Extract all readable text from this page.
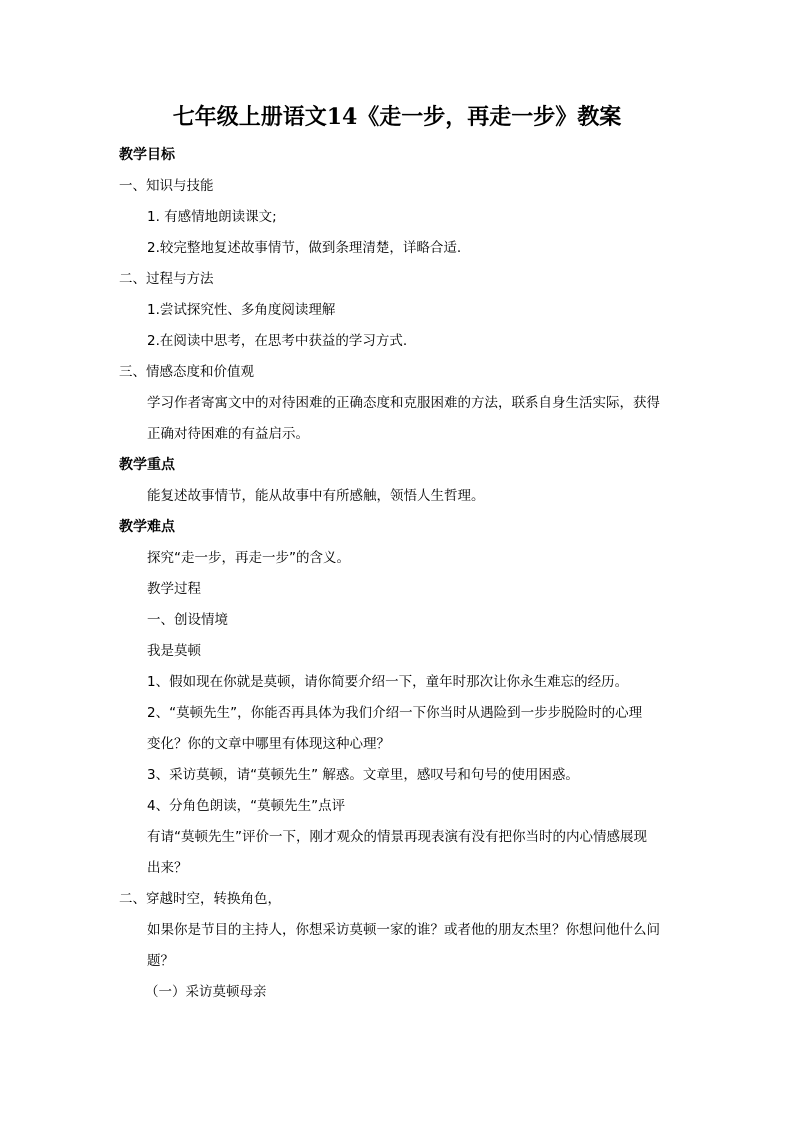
七年级上册语文14《走一步，再走一步》教案
教学目标
一、知识与技能
1. 有感情地朗读课文;
2.较完整地复述故事情节，做到条理清楚，详略合适.
二、过程与方法
1.尝试探究性、多角度阅读理解
2.在阅读中思考，在思考中获益的学习方式.
三、情感态度和价值观
学习作者寄寓文中的对待困难的正确态度和克服困难的方法，联系自身生活实际，获得
正确对待困难的有益启示。
教学重点
能复述故事情节，能从故事中有所感触，领悟人生哲理。
教学难点
探究“走一步，再走一步”的含义。
教学过程
一、创设情境
我是莫顿
1、假如现在你就是莫顿，请你简要介绍一下，童年时那次让你永生难忘的经历。
2、“莫顿先生”，你能否再具体为我们介绍一下你当时从遇险到一步步脱险时的心理
变化？你的文章中哪里有体现这种心理？
3、采访莫顿，请“莫顿先生” 解惑。文章里，感叹号和句号的使用困惑。
4、分角色朗读，“莫顿先生”点评
有请“莫顿先生”评价一下，刚才观众的情景再现表演有没有把你当时的内心情感展现
出来？
二、穿越时空，转换角色，
如果你是节目的主持人，你想采访莫顿一家的谁？或者他的朋友杰里？你想问他什么问
题？
（一）采访莫顿母亲
